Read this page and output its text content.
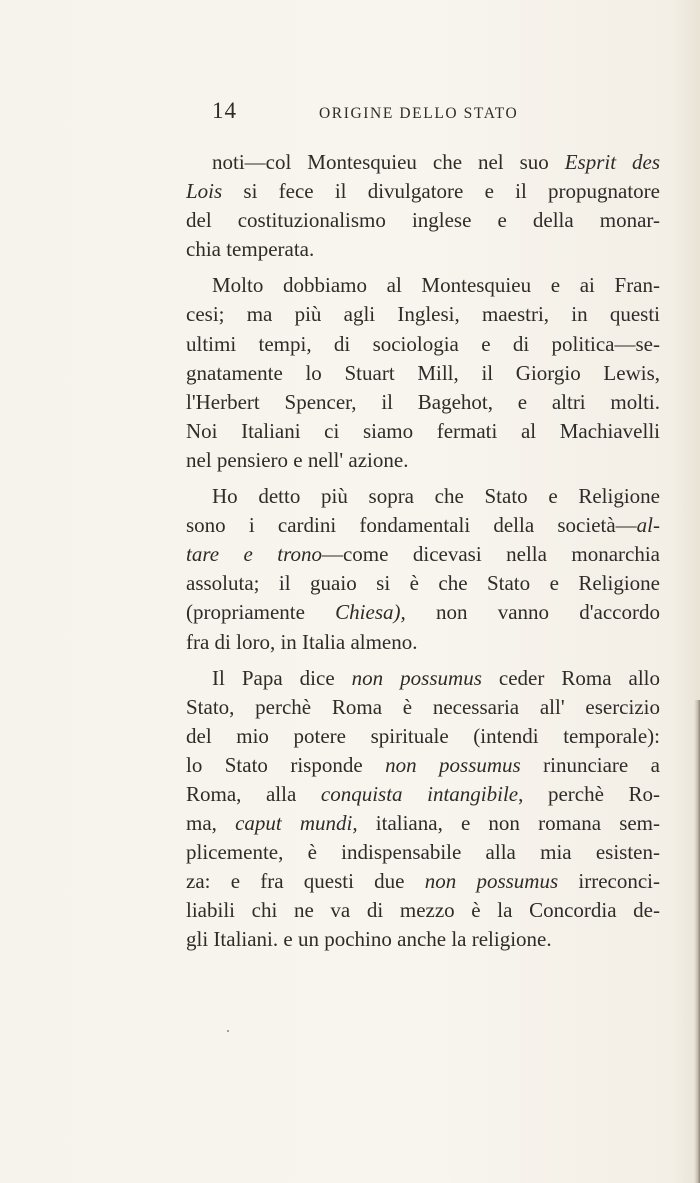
14	ORIGINE DELLO STATO
noti—col Montesquieu che nel suo Esprit des
Lois si fece il divulgatore e il propugnatore
del costituzionalismo inglese e della monar-
chia temperata.
Molto dobbiamo al Montesquieu e ai Fran-
cesi; ma più agli Inglesi, maestri, in questi
ultimi tempi, di sociologia e di politica—se-
gnatamente lo Stuart Mill, il Giorgio Lewis,
l'Herbert Spencer, il Bagehot, e altri molti.
Noi Italiani ci siamo fermati al Machiavelli
nel pensiero e nell' azione.
Ho detto più sopra che Stato e Religione
sono i cardini fondamentali della società—al-
tare e trono—come dicevasi nella monarchia
assoluta; il guaio si è che Stato e Religione
(propriamente Chiesa), non vanno d'accordo
fra di loro, in Italia almeno.
Il Papa dice non possumus ceder Roma allo
Stato, perchè Roma è necessaria all' esercizio
del mio potere spirituale (intendi temporale):
lo Stato risponde non possumus rinunciare a
Roma, alla conquista intangibile, perchè Ro-
ma, caput mundi, italiana, e non romana sem-
plicemente, è indispensabile alla mia esisten-
za: e fra questi due non possumus irreconci-
liabili chi ne va di mezzo è la Concordia de-
gli Italiani. e un pochino anche la religione.
